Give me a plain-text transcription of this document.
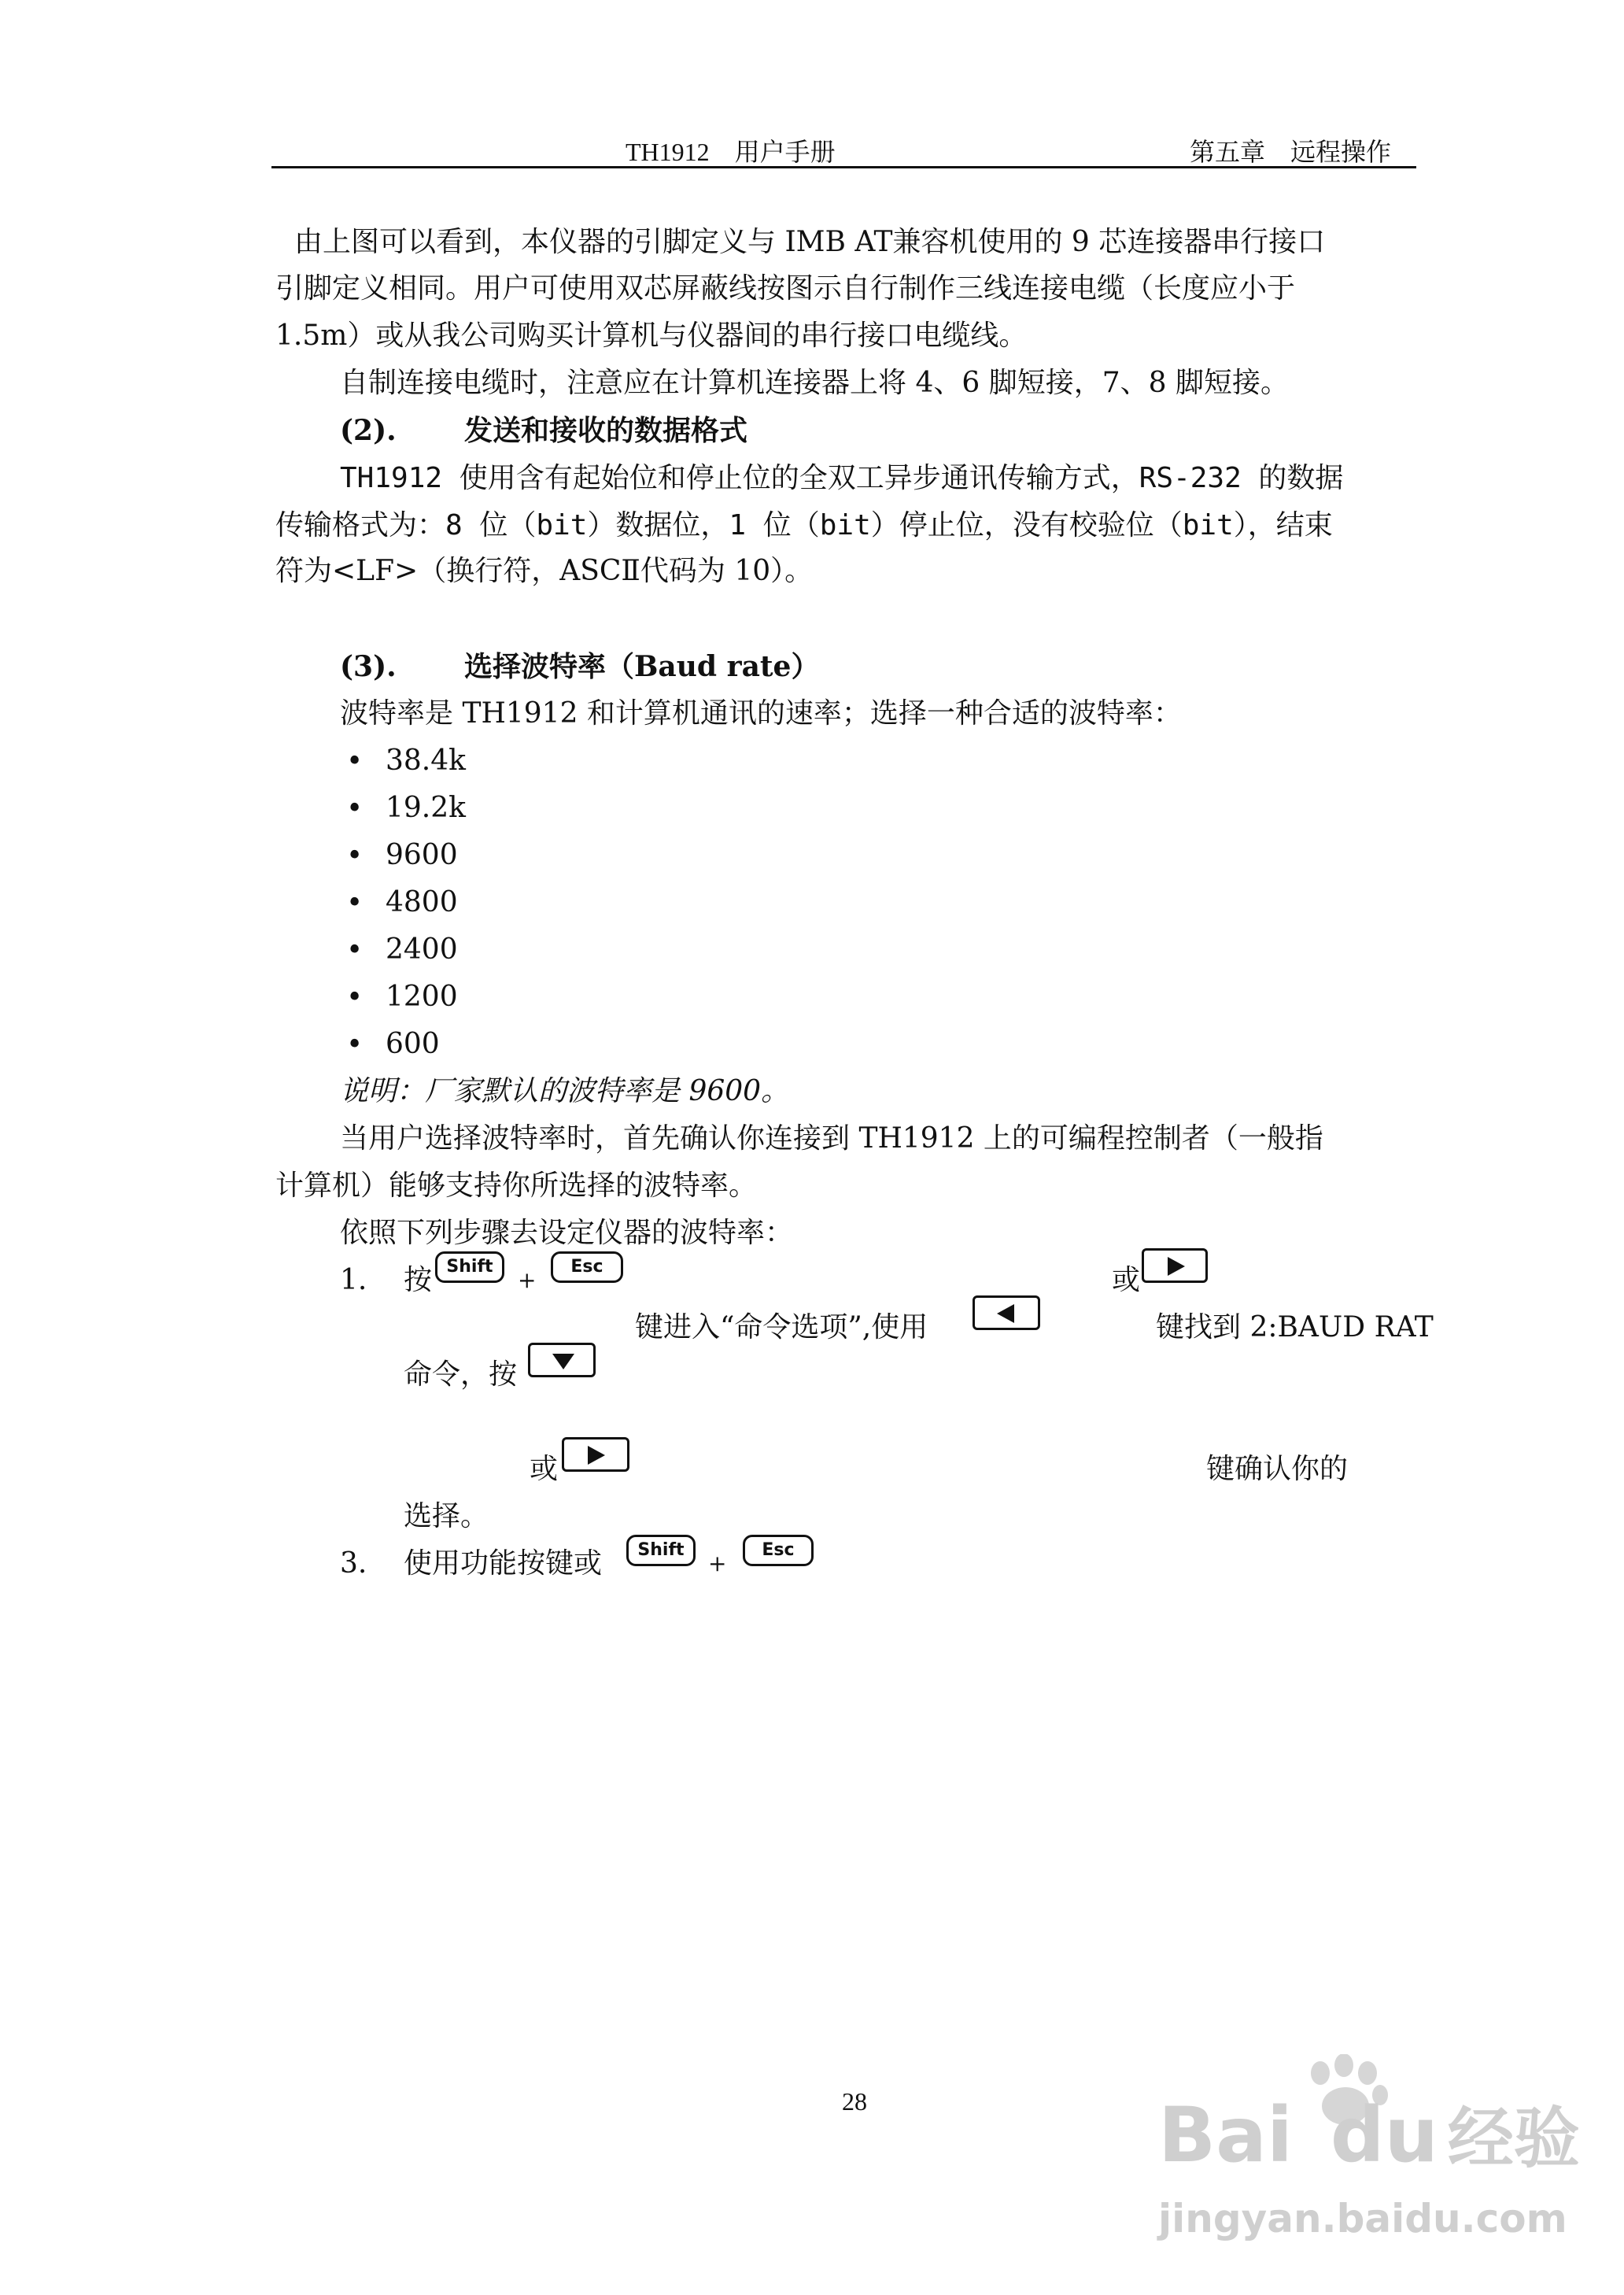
TH1912　用户手册	第五章　远程操作
由上图可以看到，本仪器的引脚定义与 IMB AT兼容机使用的 9 芯连接器串行接口
引脚定义相同。用户可使用双芯屏蔽线按图示自行制作三线连接电缆（长度应小于
1.5m）或从我公司购买计算机与仪器间的串行接口电缆线。
自制连接电缆时，注意应在计算机连接器上将 4、6 脚短接，7、8 脚短接。
(2). 发送和接收的数据格式
TH1912 使用含有起始位和停止位的全双工异步通讯传输方式，RS-232 的数据
传输格式为：8 位（bit）数据位，1 位（bit）停止位，没有校验位（bit），结束
符为<LF>（换行符，ASCⅡ代码为 10）。
(3). 选择波特率（Baud rate）
波特率是 TH1912 和计算机通讯的速率；选择一种合适的波特率：
• 38.4k
• 19.2k
• 9600
• 4800
• 2400
• 1200
• 600
说明：厂家默认的波特率是 9600。
当用户选择波特率时，首先确认你连接到 TH1912 上的可编程控制者（一般指
计算机）能够支持你所选择的波特率。
依照下列步骤去设定仪器的波特率：
1. 按 Shift
+
Esc	或
键进入“命令选项”,使用	键找到 2:BAUD RAT
命令，按
或	键确认你的
选择。
3. 使用功能按键或	Shift
+
Esc
28	Bai du 经验
jingyan.baidu.com
